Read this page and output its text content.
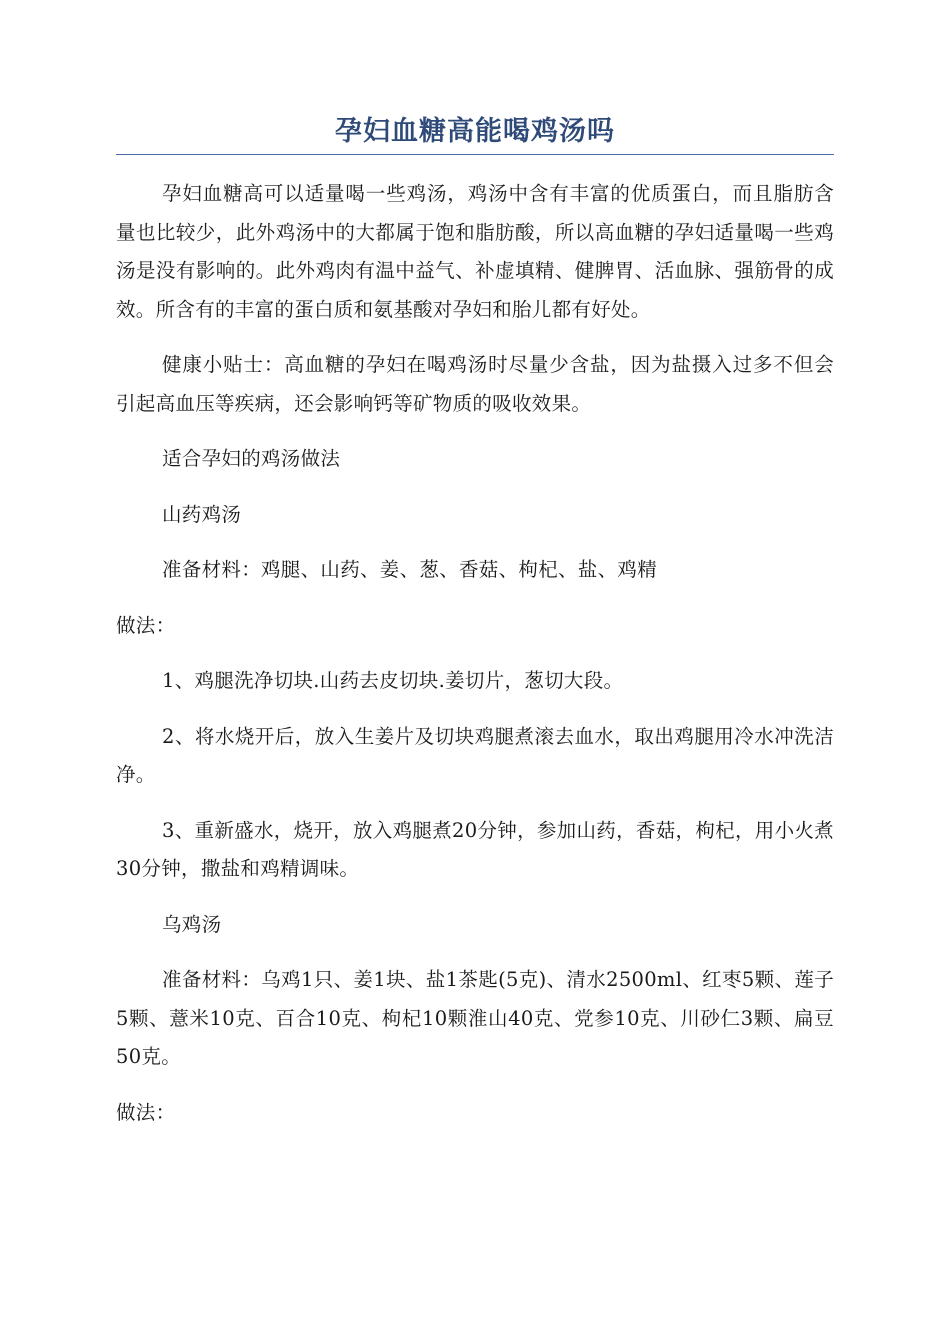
孕妇血糖高能喝鸡汤吗

孕妇血糖高可以适量喝一些鸡汤，鸡汤中含有丰富的优质蛋白，而且脂肪含量也比较少，此外鸡汤中的大都属于饱和脂肪酸，所以高血糖的孕妇适量喝一些鸡汤是没有影响的。此外鸡肉有温中益气、补虚填精、健脾胃、活血脉、强筋骨的成效。所含有的丰富的蛋白质和氨基酸对孕妇和胎儿都有好处。

健康小贴士：高血糖的孕妇在喝鸡汤时尽量少含盐，因为盐摄入过多不但会引起高血压等疾病，还会影响钙等矿物质的吸收效果。

适合孕妇的鸡汤做法

山药鸡汤

准备材料：鸡腿、山药、姜、葱、香菇、枸杞、盐、鸡精

做法：

1、鸡腿洗净切块.山药去皮切块.姜切片，葱切大段。

2、将水烧开后，放入生姜片及切块鸡腿煮滚去血水，取出鸡腿用冷水冲洗洁净。

3、重新盛水，烧开，放入鸡腿煮20分钟，参加山药，香菇，枸杞，用小火煮30分钟，撒盐和鸡精调味。

乌鸡汤

准备材料：乌鸡1只、姜1块、盐1茶匙(5克)、清水2500ml、红枣5颗、莲子5颗、薏米10克、百合10克、枸杞10颗淮山40克、党参10克、川砂仁3颗、扁豆50克。

做法：
